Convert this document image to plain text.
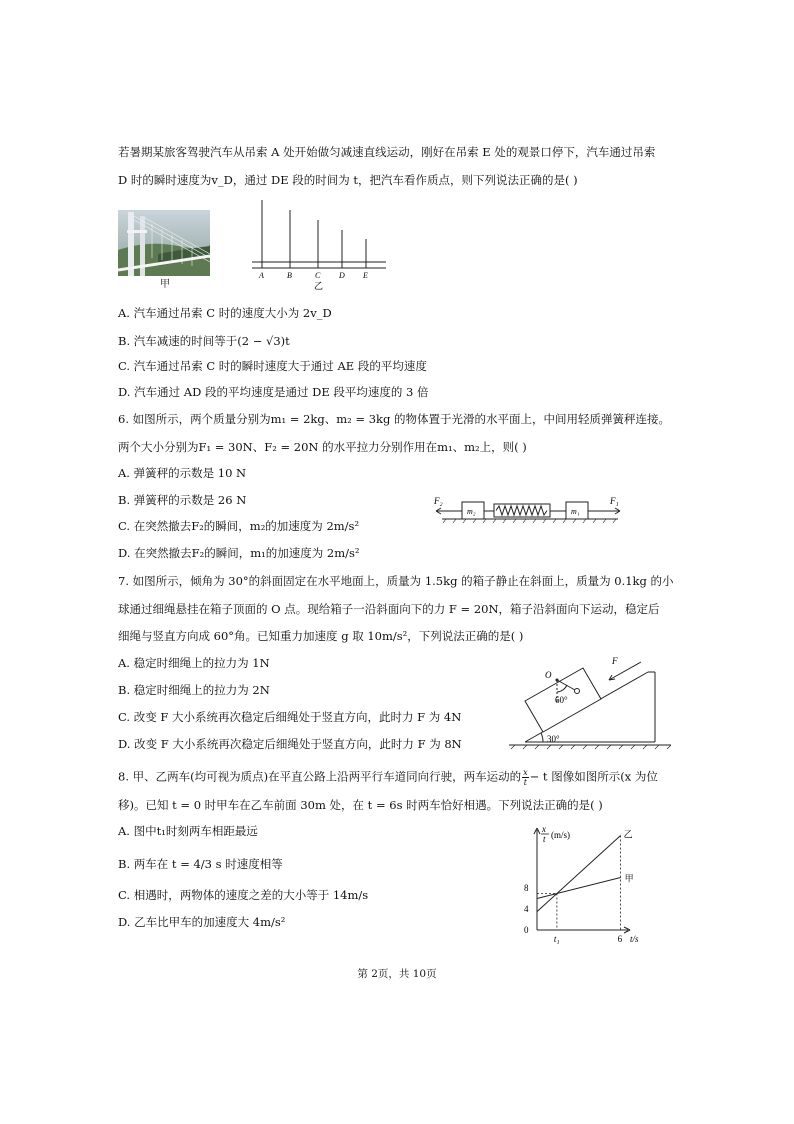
若暑期某旅客驾驶汽车从吊索 A 处开始做匀减速直线运动，刚好在吊索 E 处的观景口停下，汽车通过吊索
D 时的瞬时速度为v_D，通过 DE 段的时间为 t，把汽车看作质点，则下列说法正确的是( )
甲
A	B	C D E
乙
A. 汽车通过吊索 C 时的速度大小为 2v_D
B. 汽车减速的时间等于(2 − √3)t
C. 汽车通过吊索 C 时的瞬时速度大于通过 AE 段的平均速度
D. 汽车通过 AD 段的平均速度是通过 DE 段平均速度的 3 倍
6. 如图所示，两个质量分别为m₁ = 2kg、m₂ = 3kg 的物体置于光滑的水平面上，中间用轻质弹簧秤连接。
两个大小分别为F₁ = 30N、F₂ = 20N 的水平拉力分别作用在m₁、m₂上，则( )
A. 弹簧秤的示数是 10 N
B. 弹簧秤的示数是 26 N
C. 在突然撤去F₂的瞬间，m₂的加速度为 2m/s²
D. 在突然撤去F₂的瞬间，m₁的加速度为 2m/s²
F₂
m₂	m₁
F₁
7. 如图所示，倾角为 30°的斜面固定在水平地面上，质量为 1.5kg 的箱子静止在斜面上，质量为 0.1kg 的小
球通过细绳悬挂在箱子顶面的 O 点。现给箱子一沿斜面向下的力 F = 20N，箱子沿斜面向下运动，稳定后
细绳与竖直方向成 60°角。已知重力加速度 g 取 10m/s²，下列说法正确的是( )
A. 稳定时细绳上的拉力为 1N
B. 稳定时细绳上的拉力为 2N
C. 改变 F 大小系统再次稳定后细绳处于竖直方向，此时力 F 为 4N
D. 改变 F 大小系统再次稳定后细绳处于竖直方向，此时力 F 为 8N
O
60°
F
30°
8. 甲、乙两车(均可视为质点)在平直公路上沿两平行车道同向行驶，两车运动的 $\frac{x}{t} - t$ 图像如图所示(x 为位
移)。已知 t = 0 时甲车在乙车前面 30m 处，在 t = 6s 时两车恰好相遇。下列说法正确的是( )
A. 图中t₁时刻两车相距最远
B. 两车在 t = 4/3 s 时速度相等
C. 相遇时，两物体的速度之差的大小等于 14m/s
D. 乙车比甲车的加速度大 4m/s²
8
4
0
t₁	6
甲
乙
x
t (m/s)
t/s
第 2页，共 10页
